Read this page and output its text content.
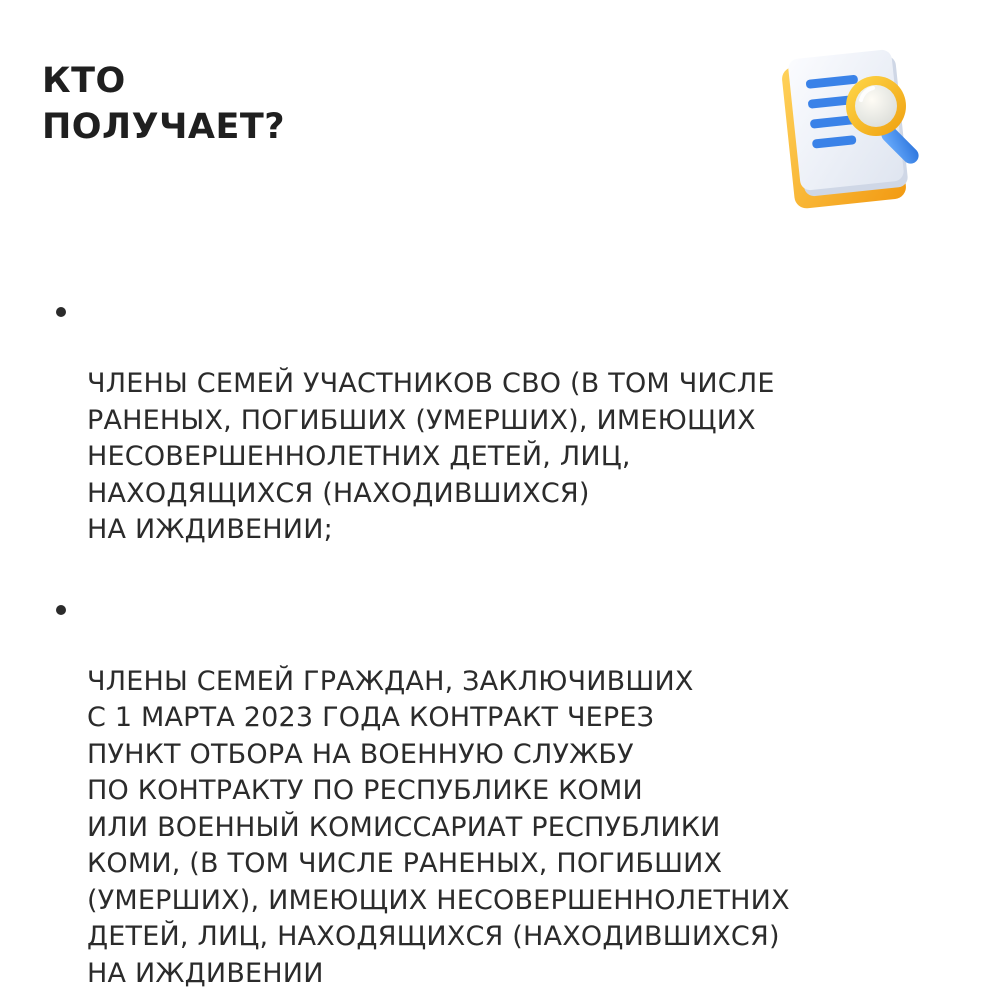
КТО
ПОЛУЧАЕТ?

ЧЛЕНЫ СЕМЕЙ УЧАСТНИКОВ СВО (В ТОМ ЧИСЛЕ
РАНЕНЫХ, ПОГИБШИХ (УМЕРШИХ), ИМЕЮЩИХ
НЕСОВЕРШЕННОЛЕТНИХ ДЕТЕЙ, ЛИЦ,
НАХОДЯЩИХСЯ (НАХОДИВШИХСЯ)
НА ИЖДИВЕНИИ;

ЧЛЕНЫ СЕМЕЙ ГРАЖДАН, ЗАКЛЮЧИВШИХ
С 1 МАРТА 2023 ГОДА КОНТРАКТ ЧЕРЕЗ
ПУНКТ ОТБОРА НА ВОЕННУЮ СЛУЖБУ
ПО КОНТРАКТУ ПО РЕСПУБЛИКЕ КОМИ
ИЛИ ВОЕННЫЙ КОМИССАРИАТ РЕСПУБЛИКИ
КОМИ, (В ТОМ ЧИСЛЕ РАНЕНЫХ, ПОГИБШИХ
(УМЕРШИХ), ИМЕЮЩИХ НЕСОВЕРШЕННОЛЕТНИХ
ДЕТЕЙ, ЛИЦ, НАХОДЯЩИХСЯ (НАХОДИВШИХСЯ)
НА ИЖДИВЕНИИ
